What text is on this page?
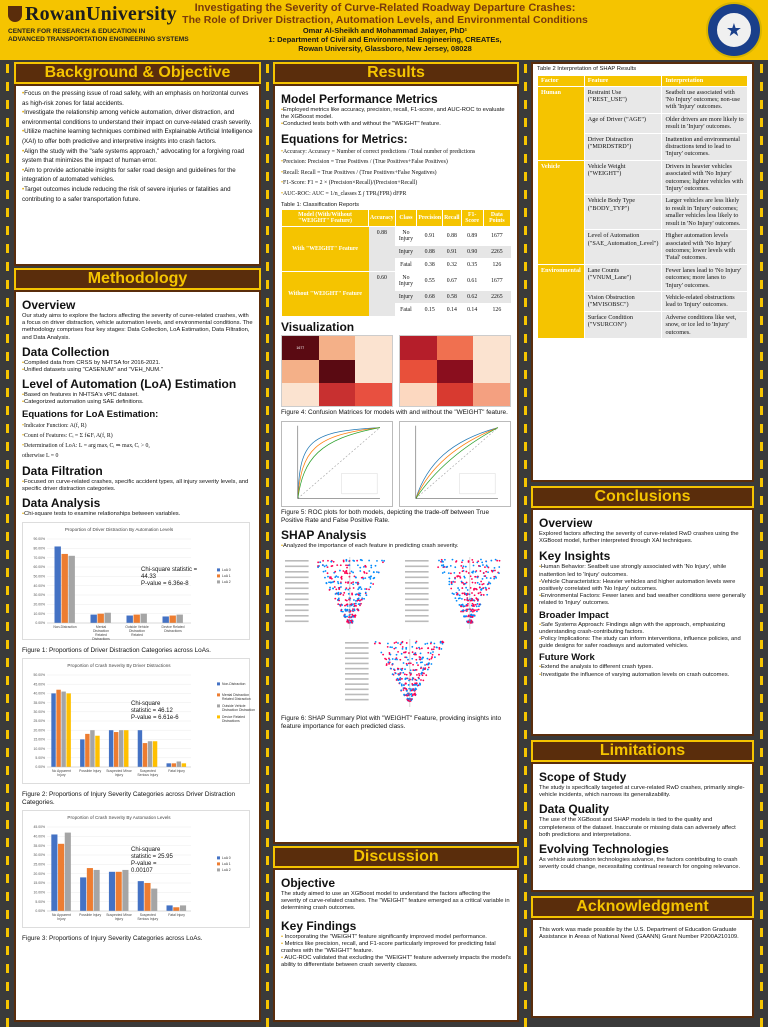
RowanUniversity
CENTER FOR RESEARCH & EDUCATION IN
ADVANCED TRANSPORTATION ENGINEERING SYSTEMS
Investigating the Severity of Curve-Related Roadway Departure Crashes:
The Role of Driver Distraction, Automation Levels, and Environmental Conditions
Omar Al-Sheikh and Mohammad Jalayer, PhD¹
1: Department of Civil and Environmental Engineering, CREATEs,
Rowan University, Glassboro, New Jersey, 08028
★
Background & Objective
•Focus on the pressing issue of road safety, with an emphasis on horizontal curves as high-risk zones for fatal accidents.
•Investigate the relationship among vehicle automation, driver distraction, and environmental conditions to understand their impact on curve-related crash severity.
•Utilize machine learning techniques combined with Explainable Artificial Intelligence (XAI) to offer both predictive and interpretive insights into crash factors.
•Align the study with the "safe systems approach," advocating for a forgiving road system that minimizes the impact of human error.
•Aim to provide actionable insights for safer road design and guidelines for the integration of automated vehicles.
•Target outcomes include reducing the risk of severe injuries or fatalities and contributing to a safer transportation future.
Methodology
Overview
Our study aims to explore the factors affecting the severity of curve-related crashes, with a focus on driver distraction, vehicle automation levels, and environmental conditions. The methodology comprises four key stages: Data Collection, LoA Estimation, Data Filtration, and Data Analysis.
Data Collection
•Compiled data from CRSS by NHTSA for 2016-2021.
•Unified datasets using "CASENUM" and "VEH_NUM."
Level of Automation (LoA) Estimation
•Based on features in NHTSA's vPIC dataset.
•Categorized automation using SAE definitions.
Equations for LoA Estimation:
•Indicator Function: A(f, R)
•Count of Features: Cᵢ = Σ f∈Fᵢ A(f, R)
•Determination of LoA: L = arg maxᵢ Cᵢ ⇒ maxᵢ Cᵢ > 0,
otherwise L = 0
Data Filtration
•Focused on curve-related crashes, specific accident types, all injury severity levels, and specific driver distraction categories.
Data Analysis
•Chi-square tests to examine relationships between variables.
Proportion of Driver Distraction By Automation Levels
0.00%
10.00%
20.00%
30.00%
40.00%
50.00%
60.00%
70.00%
80.00%
90.00%
Non-Distraction	Mental
Distraction
Related
Distractions
Outside Vehicle
Distraction
Related
Device Related
Distractions
LoA 0
LoA 1
LoA 2
Chi-square statistic =
44.33
P-value = 6.36e-8
Figure 1: Proportions of Driver Distraction Categories across LoAs.
Proportion of Crash Severity By Driver Distractions
0.00%
5.00%
10.00%
15.00%
20.00%
25.00%
30.00%
35.00%
40.00%
45.00%
50.00%
No Apparent
Injury
Possible Injury Suspected Minor
Injury
Suspected
Serious Injury
Fatal Injury
Non-Distraction
Mental Distraction Related Distraction
Outside Vehicle Distraction Distraction
Device Related Distractions
Chi-square
statistic = 46.12
P-value = 6.61e-6
Figure 2: Proportions of Injury Severity Categories across Driver Distraction Categories.
Proportion of Crash Severity By Automation Levels
0.00%
5.00%
10.00%
15.00%
20.00%
25.00%
30.00%
35.00%
40.00%
45.00%
No Apparent
Injury
Possible Injury Suspected Minor
Injury
Suspected
Serious Injury
Fatal Injury
LoA 0
LoA 1
LoA 2
Chi-square
statistic = 25.95
P-value =
0.00107
Figure 3: Proportions of Injury Severity Categories across LoAs.
Results
Model Performance Metrics
•Employed metrics like accuracy, precision, recall, F1-score, and AUC-ROC to evaluate the XGBoost model.
•Conducted tests both with and without the "WEIGHT" feature.
Equations for Metrics:
•Accuracy: Accuracy = Number of correct predictions / Total number of predictions
•Precision: Precision = True Positives / (True Positives+False Positives)
•Recall: Recall = True Positives / (True Positives+False Negatives)
•F1-Score: F1 = 2 × (Precision×Recall)/(Precision+Recall)
•AUC-ROC: AUC = 1/n_classes Σ ∫ TPRᵢ(FPR) dFPR
Table 1: Classification Reports
Model (With/Without "WEIGHT" Feature)	Accuracy	Class	Precision	Recall	F1-Score	Data Points
With "WEIGHT" Feature	0.88	No Injury	0.91	0.88	0.89	1677
		Injury	0.88	0.91	0.90	2265
		Fatal	0.38	0.32	0.35	126
Without "WEIGHT" Feature	0.60	No Injury	0.55	0.67	0.61	1677
		Injury	0.68	0.58	0.62	2265
		Fatal	0.15	0.14	0.14	126
Visualization
1677
Figure 4: Confusion Matrices for models with and without the "WEIGHT" feature.
Figure 5: ROC plots for both models, depicting the trade-off between True Positive Rate and False Positive Rate.
SHAP Analysis
•Analyzed the importance of each feature in predicting crash severity.
Figure 6: SHAP Summary Plot with "WEIGHT" Feature, providing insights into feature importance for each predicted class.
Discussion
Objective
The study aimed to use an XGBoost model to understand the factors affecting the severity of curve-related crashes. The "WEIGHT" feature emerged as a critical variable in determining crash outcomes.
Key Findings
• Incorporating the "WEIGHT" feature significantly improved model performance.
• Metrics like precision, recall, and F1-score particularly improved for predicting fatal crashes with the "WEIGHT" feature.
• AUC-ROC validated that excluding the "WEIGHT" feature adversely impacts the model's ability to differentiate between crash severity classes.
Table 2 Interpretation of SHAP Results
Factor	Feature	Interpretation
Human	Restraint Use ("REST_USE")	Seatbelt use associated with 'No Injury' outcomes; non-use with 'Injury' outcomes.
	Age of Driver ("AGE")	Older drivers are more likely to result in 'Injury' outcomes.
	Driver Distraction ("MDRDSTRD")	Inattention and environmental distractions tend to lead to 'Injury' outcomes.
Vehicle	Vehicle Weight ("WEIGHT")	Drivers in heavier vehicles associated with 'No Injury' outcomes; lighter vehicles with 'Injury' outcomes.
	Vehicle Body Type ("BODY_TYP")	Larger vehicles are less likely to result in 'Injury' outcomes; smaller vehicles less likely to result in 'No Injury' outcomes.
	Level of Automation ("SAE_Automation_Level")	Higher automation levels associated with 'No Injury' outcomes; lower levels with 'Fatal' outcomes.
Environmental	Lane Counts ("VNUM_Lane")	Fewer lanes lead to 'No Injury' outcomes; more lanes to 'Injury' outcomes.
	Vision Obstruction ("MVISOBSC")	Vehicle-related obstructions lead to 'Injury' outcomes.
	Surface Condition ("VSURCON")	Adverse conditions like wet, snow, or ice led to 'Injury' outcomes.
Conclusions
Overview
Explored factors affecting the severity of curve-related RwD crashes using the XGBoost model, further interpreted through XAI techniques.
Key Insights
•Human Behavior: Seatbelt use strongly associated with 'No Injury', while inattention led to 'Injury' outcomes.
•Vehicle Characteristics: Heavier vehicles and higher automation levels were positively correlated with 'No Injury' outcomes.
•Environmental Factors: Fewer lanes and bad weather conditions were generally related to 'Injury' outcomes.
Broader Impact
•Safe Systems Approach: Findings align with the approach, emphasizing understanding crash-contributing factors.
•Policy Implications: The study can inform interventions, influence policies, and guide designs for safer roadways and automated vehicles.
Future Work
•Extend the analysis to different crash types.
•Investigate the influence of varying automation levels on crash outcomes.
Limitations
Scope of Study
The study is specifically targeted at curve-related RwD crashes, primarily single-vehicle incidents, which narrows its generalizability.
Data Quality
The use of the XGBoost and SHAP models is tied to the quality and completeness of the dataset. Inaccurate or missing data can adversely affect both predictions and interpretations.
Evolving Technologies
As vehicle automation technologies advance, the factors contributing to crash severity could change, necessitating continual research for ongoing relevance.
Acknowledgment
This work was made possible by the U.S. Department of Education Graduate Assistance in Areas of National Need (GAANN) Grant Number P200A210109.
